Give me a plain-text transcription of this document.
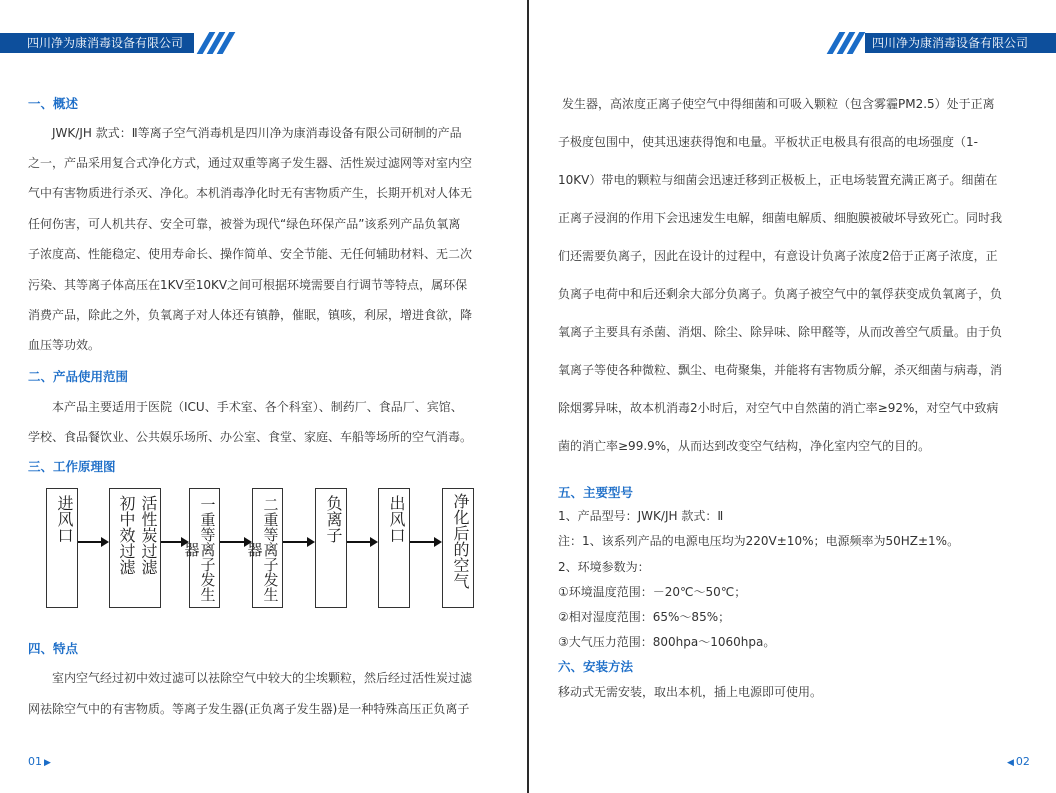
四川净为康消毒设备有限公司
一、概述
JWK/JH 款式：Ⅱ等离子空气消毒机是四川净为康消毒设备有限公司研制的产品
之一，产品采用复合式净化方式，通过双重等离子发生器、活性炭过滤网等对室内空
气中有害物质进行杀灭、净化。本机消毒净化时无有害物质产生，长期开机对人体无
任何伤害，可人机共存、安全可靠，被誉为现代“绿色环保产品”该系列产品负氧离
子浓度高、性能稳定、使用寿命长、操作简单、安全节能、无任何辅助材料、无二次
污染、其等离子体高压在1KV至10KV之间可根据环境需要自行调节等特点，属环保
消费产品，除此之外，负氧离子对人体还有镇静，催眠，镇咳，利尿，增进食欲，降
血压等功效。
二、产品使用范围
本产品主要适用于医院（ICU、手术室、各个科室）、制药厂、食品厂、宾馆、
学校、食品餐饮业、公共娱乐场所、办公室、食堂、家庭、车船等场所的空气消毒。
三、工作原理图
进风口	初中效过滤 活性炭过滤	一重等离子发生器	二重等离子发生器
负离子	出风口	净化后的空气
四、特点
室内空气经过初中效过滤可以祛除空气中较大的尘埃颗粒，然后经过活性炭过滤
网祛除空气中的有害物质。等离子发生器(正负离子发生器)是一种特殊高压正负离子
01 ▶
四川净为康消毒设备有限公司
发生器，高浓度正离子使空气中得细菌和可吸入颗粒（包含雾霾PM2.5）处于正离
子极度包围中，使其迅速获得饱和电量。平板状正电极具有很高的电场强度（1-
10KV）带电的颗粒与细菌会迅速迁移到正极板上，正电场装置充满正离子。细菌在
正离子浸润的作用下会迅速发生电解，细菌电解质、细胞膜被破坏导致死亡。同时我
们还需要负离子，因此在设计的过程中，有意设计负离子浓度2倍于正离子浓度，正
负离子电荷中和后还剩余大部分负离子。负离子被空气中的氧俘获变成负氧离子，负
氧离子主要具有杀菌、消烟、除尘、除异味、除甲醛等，从而改善空气质量。由于负
氧离子等使各种微粒、飘尘、电荷聚集，并能将有害物质分解，杀灭细菌与病毒，消
除烟雾异味，故本机消毒2小时后，对空气中自然菌的消亡率≥92%，对空气中致病
菌的消亡率≥99.9%，从而达到改变空气结构，净化室内空气的目的。
五、主要型号
1、产品型号：JWK/JH 款式：Ⅱ
注：1、该系列产品的电源电压均为220V±10%；电源频率为50HZ±1%。
2、环境参数为：
①环境温度范围：－20℃～50℃；
②相对湿度范围：65%～85%；
③大气压力范围：800hpa～1060hpa。
六、安装方法
移动式无需安装，取出本机，插上电源即可使用。
◀ 02
